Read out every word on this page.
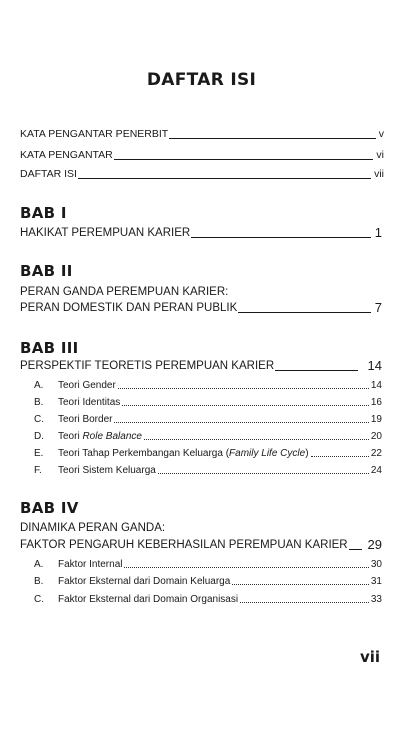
DAFTAR ISI
KATA PENGANTAR PENERBIT	v
KATA PENGANTAR	vi
DAFTAR ISI	vii
BAB I
HAKIKAT PEREMPUAN KARIER	1
BAB II
PERAN GANDA PEREMPUAN KARIER:
PERAN DOMESTIK DAN PERAN PUBLIK	7
BAB III
PERSPEKTIF TEORETIS PEREMPUAN KARIER	14
A.	Teori Gender	14
B.	Teori Identitas	16
C.	Teori Border	19
D.	Teori Role Balance	20
E.	Teori Tahap Perkembangan Keluarga (Family Life Cycle)	22
F.	Teori Sistem Keluarga	24
BAB IV
DINAMIKA PERAN GANDA:
FAKTOR PENGARUH KEBERHASILAN PEREMPUAN KARIER 29
A.	Faktor Internal	30
B.	Faktor Eksternal dari Domain Keluarga	31
C.	Faktor Eksternal dari Domain Organisasi	33
vii
